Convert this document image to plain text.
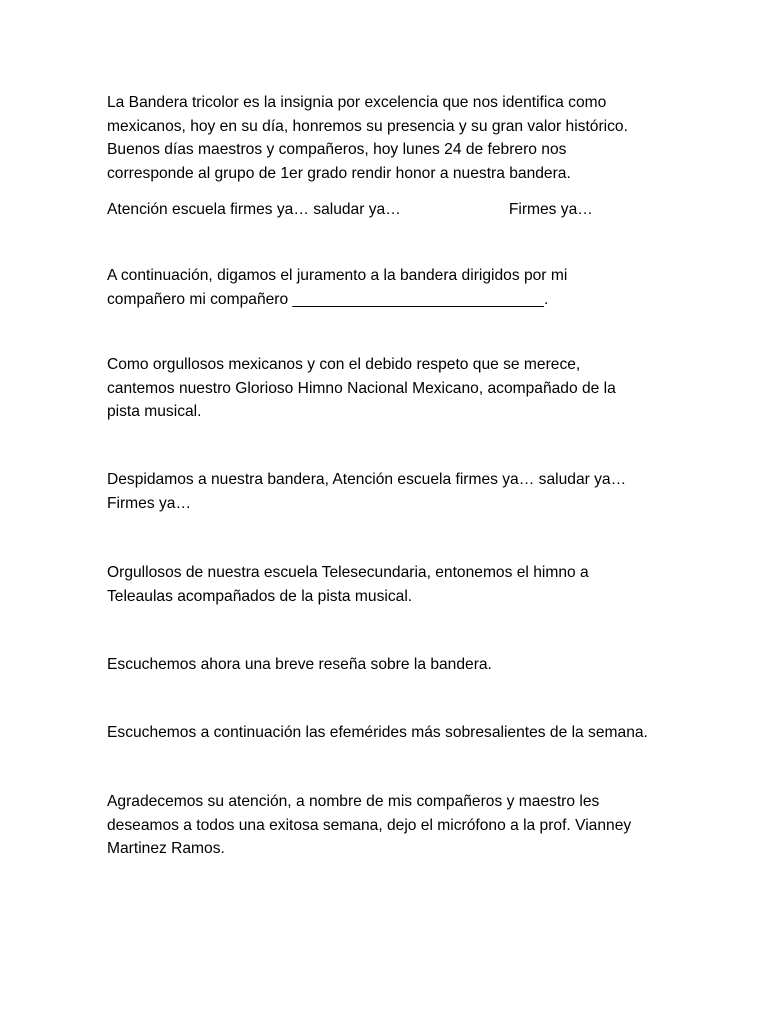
La Bandera tricolor es la insignia por excelencia que nos identifica como
mexicanos, hoy en su día, honremos su presencia y su gran valor histórico.
Buenos días maestros y compañeros, hoy lunes 24 de febrero nos
corresponde al grupo de 1er grado rendir honor a nuestra bandera.

Atención escuela firmes ya… saludar ya…	Firmes ya…

A continuación, digamos el juramento a la bandera dirigidos por mi
compañero mi compañero _____________________________.

Como orgullosos mexicanos y con el debido respeto que se merece,
cantemos nuestro Glorioso Himno Nacional Mexicano, acompañado de la
pista musical.

Despidamos a nuestra bandera, Atención escuela firmes ya… saludar ya…
Firmes ya…

Orgullosos de nuestra escuela Telesecundaria, entonemos el himno a
Teleaulas acompañados de la pista musical.

Escuchemos ahora una breve reseña sobre la bandera.

Escuchemos a continuación las efemérides más sobresalientes de la semana.

Agradecemos su atención, a nombre de mis compañeros y maestro les
deseamos a todos una exitosa semana, dejo el micrófono a la prof. Vianney
Martinez Ramos.
